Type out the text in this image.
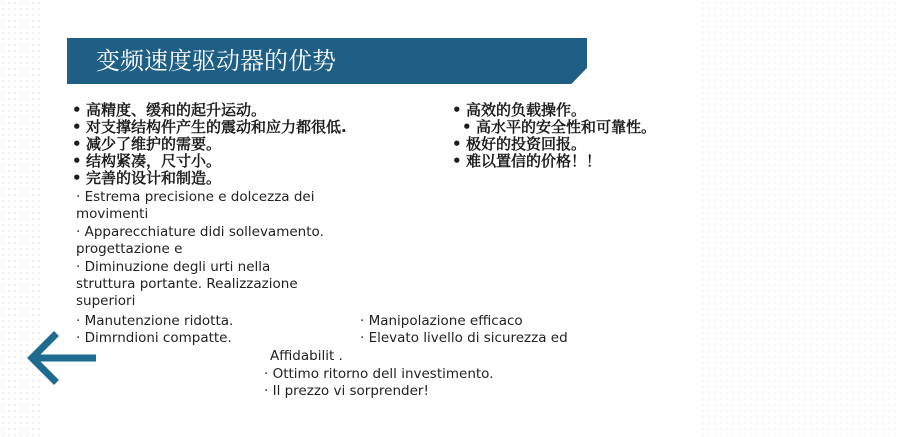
变频速度驱动器的优势
• 高精度、缓和的起升运动。
• 对支撑结构件产生的震动和应力都很低.
• 减少了维护的需要。
• 结构紧凑，尺寸小。
• 完善的设计和制造。
• 高效的负载操作。
• 高水平的安全性和可靠性。
• 极好的投资回报。
• 难以置信的价格！！
· Estrema precisione e dolcezza dei
movimenti
· Apparecchiature didi sollevamento.
progettazione e
· Diminuzione degli urti nella
struttura portante. Realizzazione
superiori
· Manutenzione ridotta.
· Dimrndioni compatte.
· Manipolazione efficaco
· Elevato livello di sicurezza ed
Affidabilit .
· Ottimo ritorno dell investimento.
· Il prezzo vi sorprender!
